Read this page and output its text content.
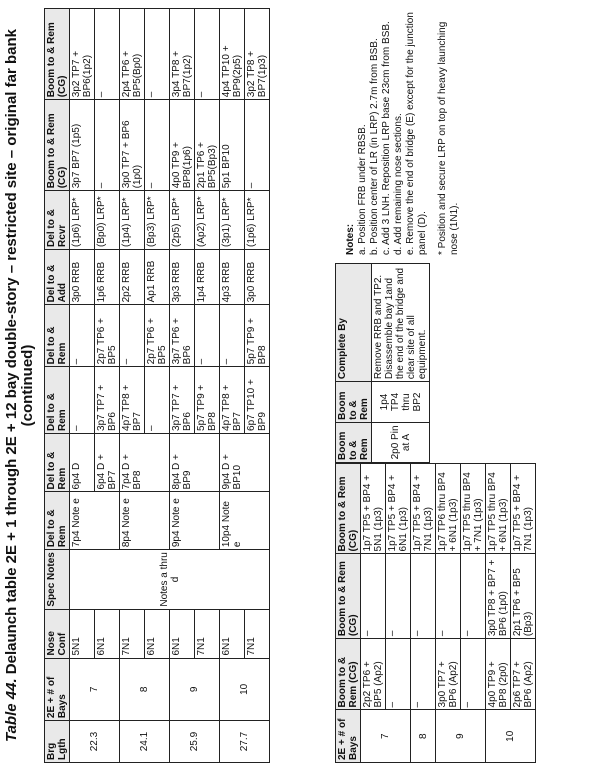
Table 44. Delaunch table 2E + 1 through 2E + 12 bay double-story – restricted site – original far bank
(continued)
Brg Lgth	2E + # of Bays	Nose Conf	Spec Notes	Del to & Rem	Del to & Rem	Del to & Rem	Del to & Rem	Del to & Add	Del to & Rcvr	Boom to & Rem (CG)	Boom to & Rem (CG)
22.3	7	5N1	Notes a thru d	7p4 Note e	6p4 D	–	–	3p0 RRB	(1p6) LRP*	3p7 BP7 (1p5)	3p2 TP7 + BP6(1p2)
		6N1			6p4 D + BP7	3p7 TP7 + BP6	2p7 TP6 + BP5	1p6 RRB	(Bp0) LRP*	–	–
24.1	8	7N1		8p4 Note e	7p4 D + BP8	4p7 TP8 + BP7	–	2p2 RRB	(1p4) LRP*	3p0 TP7 + BP6 (1p0)	2p4 TP6 + BP5(Bp0)
		6N1				–	2p7 TP6 + BP5	Ap1 RRB	(Bp3) LRP*	–	–
25.9	9	6N1		9p4 Note e	8p4 D + BP9	3p7 TP7 + BP6	3p7 TP6 + BP6	3p3 RRB	(2p5) LRP*	4p0 TP9 + BP8(1p6)	3p4 TP8 + BP7(1p2)
		7N1				5p7 TP9 + BP8	–	1p4 RRB	(Ap2) LRP*	2p1 TP6 + BP5(Bp3)	–
27.7	10	6N1		10p4 Note e	9p4 D + BP10	4p7 TP8 + BP7	–	4p3 RRB	(3p1) LRP*	5p1 BP10	4p4 TP10 + BP9(2p5)
		7N1				6p7 TP10 + BP9	5p7 TP9 + BP8	3p0 RRB	(1p6) LRP*	–	3p2 TP8 + BP7(1p3)
2E + # of Bays	Boom to & Rem (CG)	Boom to & Rem (CG)	Boom to & Rem (CG)
7	2p2 TP6 + BP5 (Ap2)	–	1p7 TP5 + BP4 + 5N1 (1p3)
	–	–	1p7 TP5 + BP4 + 6N1 (1p3)
8	–	–	1p7 TP5 + BP4 + 7N1 (1p3)
9	3p0 TP7 + BP6 (Ap2)	–	1p7 TP6 thru BP4 + 6N1 (1p3)
	–	–	1p7 TP5 thru BP4 + 7N1 (1p3)
10	4p0 TP9 + BP8 (2p0)	3p0 TP8 + BP7 + BP6 (1p0)	1p7 TP5 thru BP4 + 6N1 (1p3)
	2p6 TP7 + BP6 (Ap2)	2p1 TP6 + BP5 (Bp3)	1p7 TP5 + BP4 + 7N1 (1p3)
Boom to & Rem	Boom to & Rem	Complete By
2p0 Pin at A	1p4 TP4 thru BP2	Remove RRB and TP2. Disassemble bay 1and the end of the bridge and clear site of all equipment.
Notes: a. Position FRB under RBSB. b. Position center of LR (in LRP) 2.7m from BSB. c. Add 3 LNH. Reposition LRP base 23cm from BSB. d. Add remaining nose sections. e. Remove the end of bridge (E) except for the junction panel (D). * Position and secure LRP on top of heavy launching nose (1N1).
